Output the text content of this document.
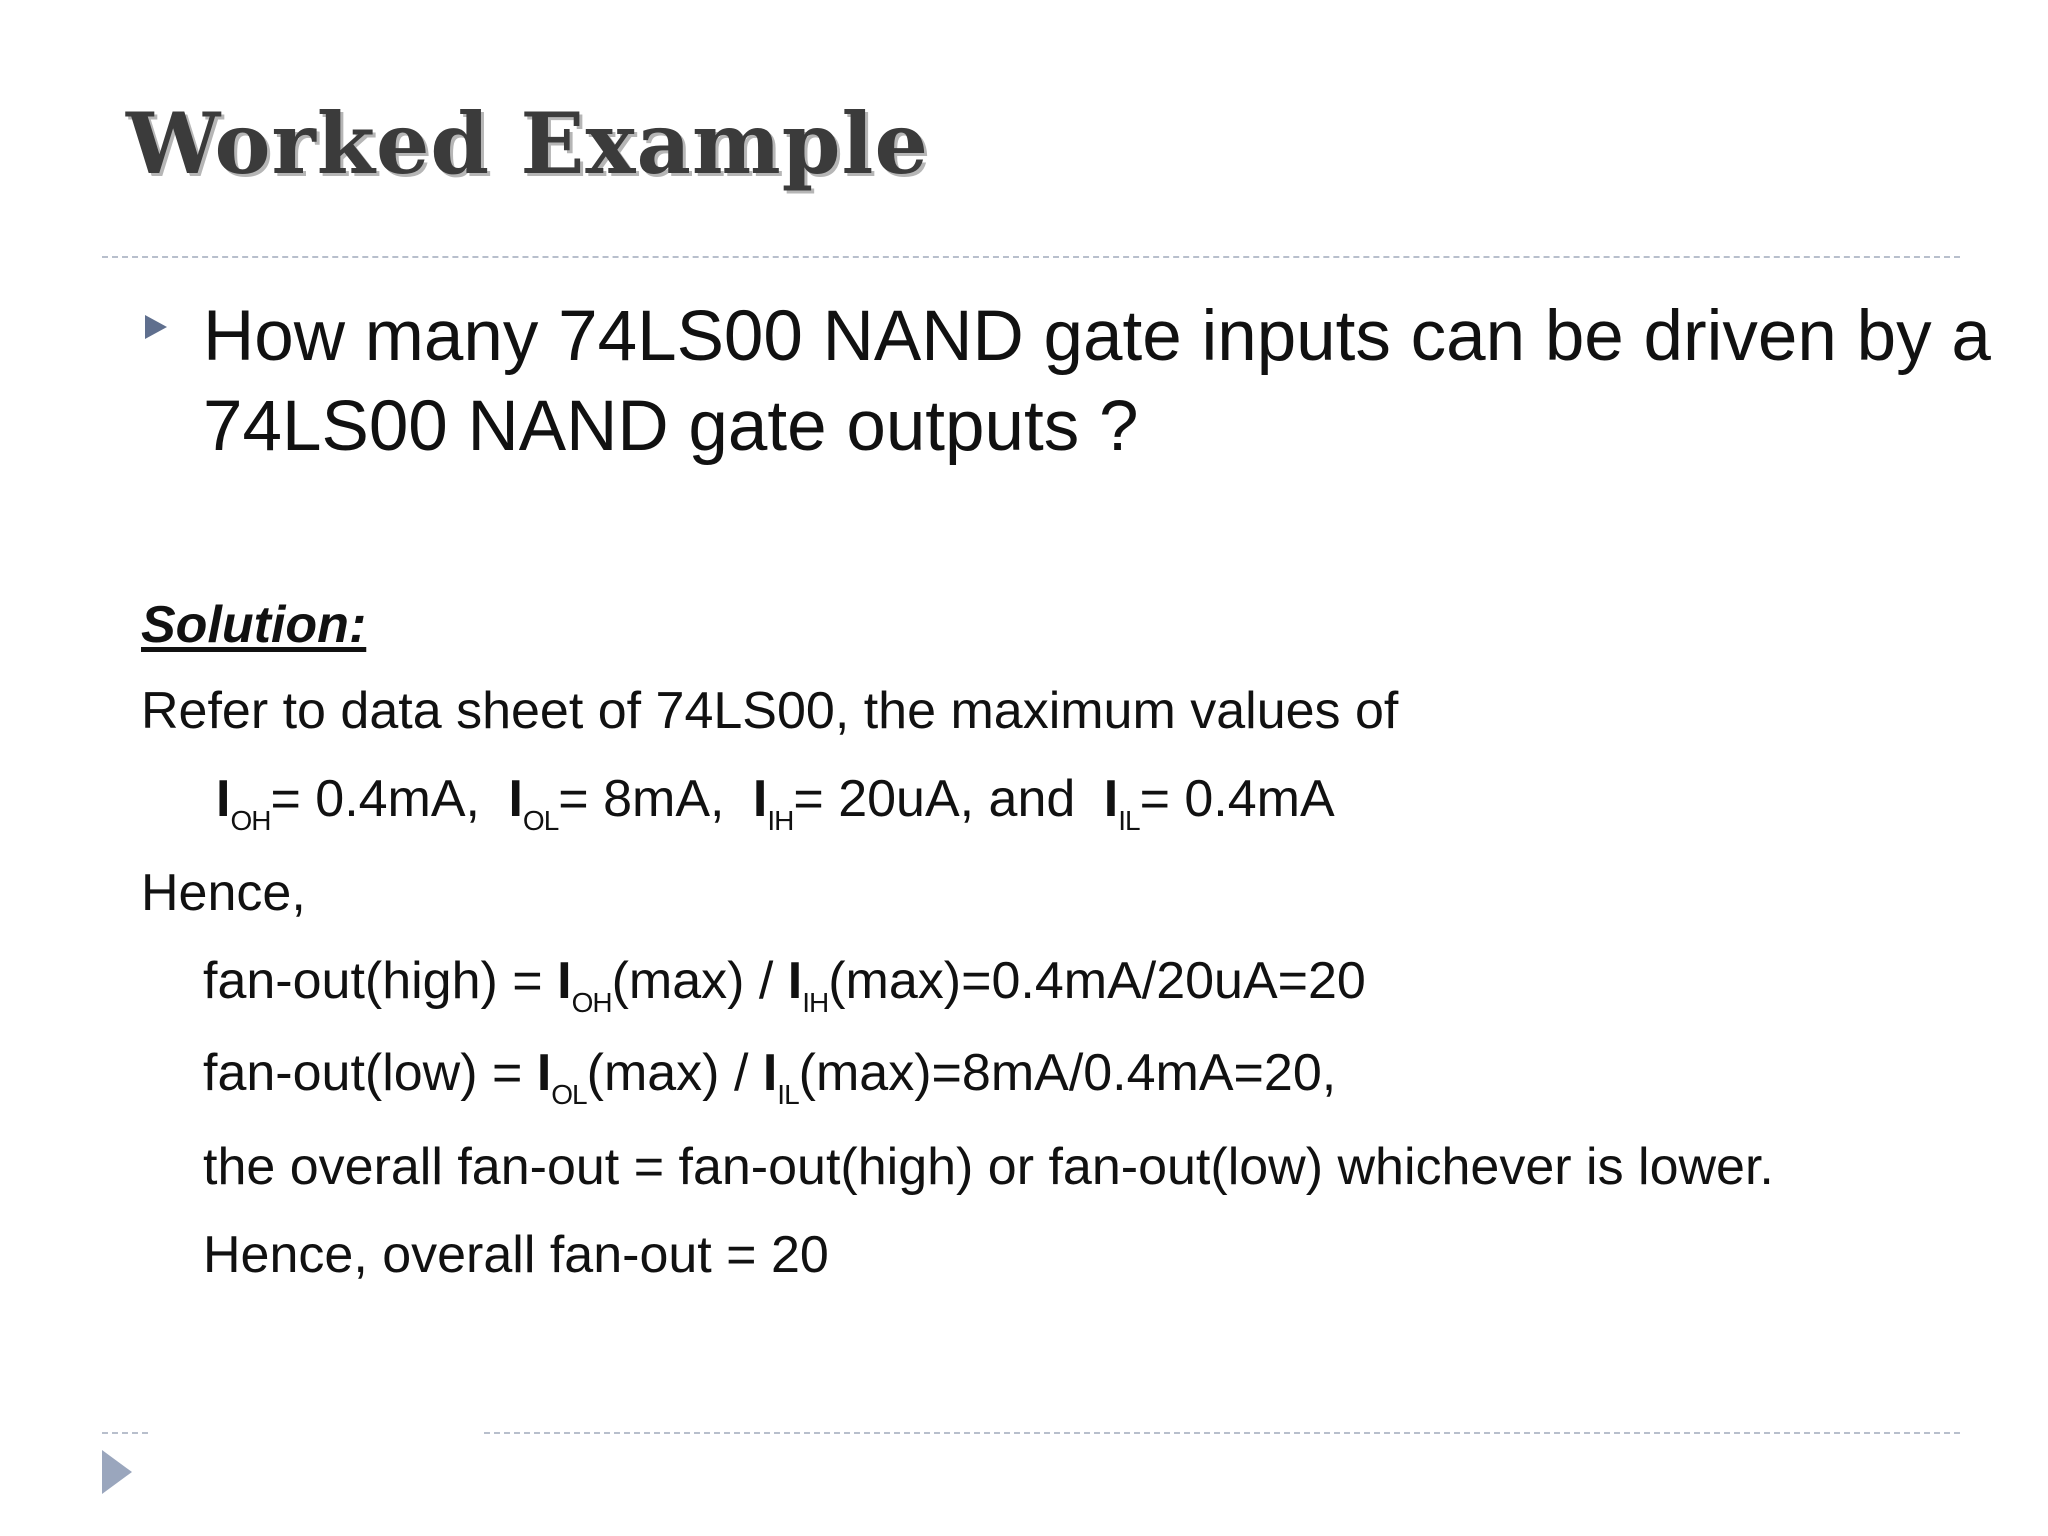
Worked Example
How many 74LS00 NAND gate inputs can be driven by a
74LS00 NAND gate outputs ?
Solution:
Refer to data sheet of 74LS00, the maximum values of
$I_{OH}= 0.4mA$, $I_{OL}= 8mA$, $I_{IH}= 20uA$, and $I_{IL}= 0.4mA$
Hence,
fan-out(high) = $I_{OH}(\max) / I_{IH}(\max)=0.4mA/20uA=20$
$fan-out(low) = I_{OL}(\max) / I_{IL}(\max)=8mA/0.4mA=20$,
the overall fan-out = fan-out(high) or fan-out(low) whichever is lower.
Hence, overall fan-out = 20
